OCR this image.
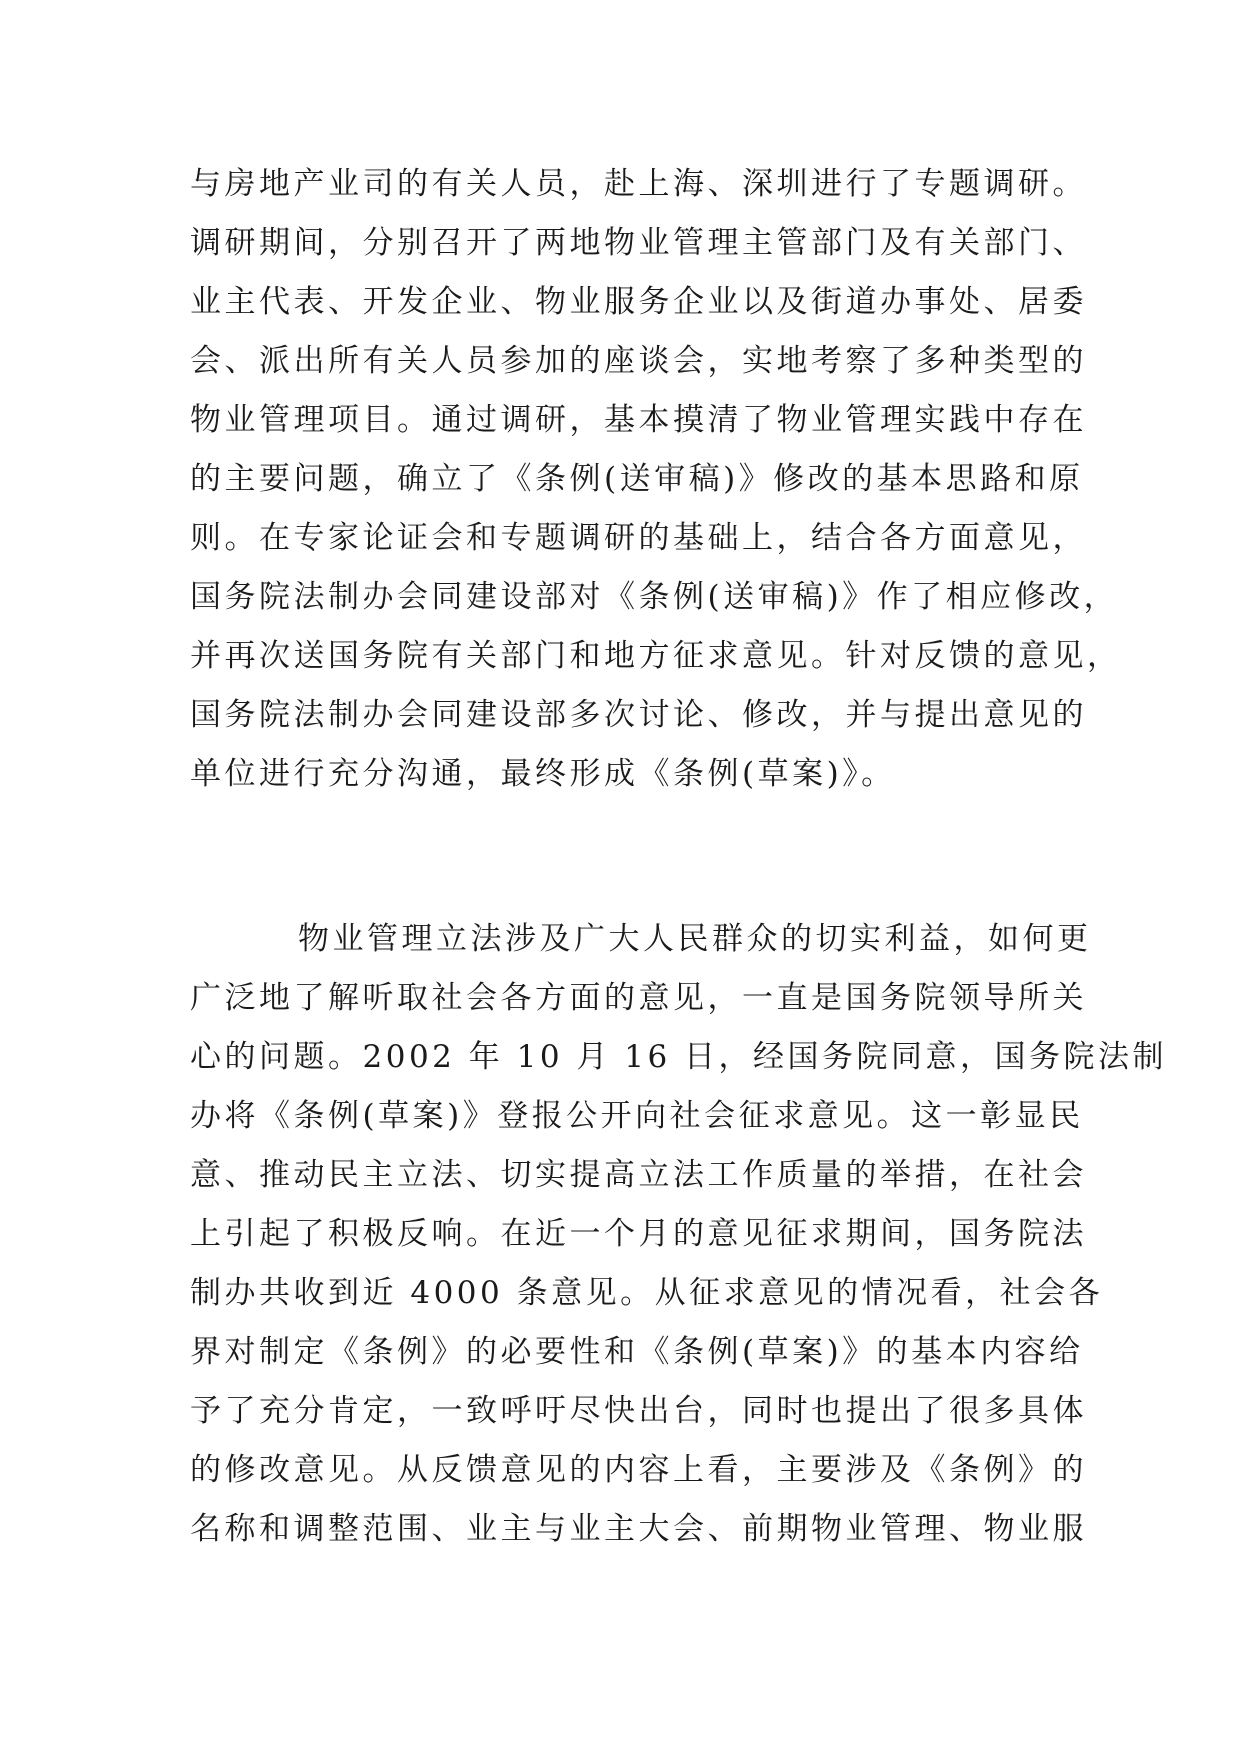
与房地产业司的有关人员，赴上海、深圳进行了专题调研。
调研期间，分别召开了两地物业管理主管部门及有关部门、
业主代表、开发企业、物业服务企业以及街道办事处、居委
会、派出所有关人员参加的座谈会，实地考察了多种类型的
物业管理项目。通过调研，基本摸清了物业管理实践中存在
的主要问题，确立了《条例(送审稿)》修改的基本思路和原
则。在专家论证会和专题调研的基础上，结合各方面意见，
国务院法制办会同建设部对《条例(送审稿)》作了相应修改，
并再次送国务院有关部门和地方征求意见。针对反馈的意见，
国务院法制办会同建设部多次讨论、修改，并与提出意见的
单位进行充分沟通，最终形成《条例(草案)》。
物业管理立法涉及广大人民群众的切实利益，如何更
广泛地了解听取社会各方面的意见，一直是国务院领导所关
心的问题。2002 年 10 月 16 日，经国务院同意，国务院法制
办将《条例(草案)》登报公开向社会征求意见。这一彰显民
意、推动民主立法、切实提高立法工作质量的举措，在社会
上引起了积极反响。在近一个月的意见征求期间，国务院法
制办共收到近 4000 条意见。从征求意见的情况看，社会各
界对制定《条例》的必要性和《条例(草案)》的基本内容给
予了充分肯定，一致呼吁尽快出台，同时也提出了很多具体
的修改意见。从反馈意见的内容上看，主要涉及《条例》的
名称和调整范围、业主与业主大会、前期物业管理、物业服
